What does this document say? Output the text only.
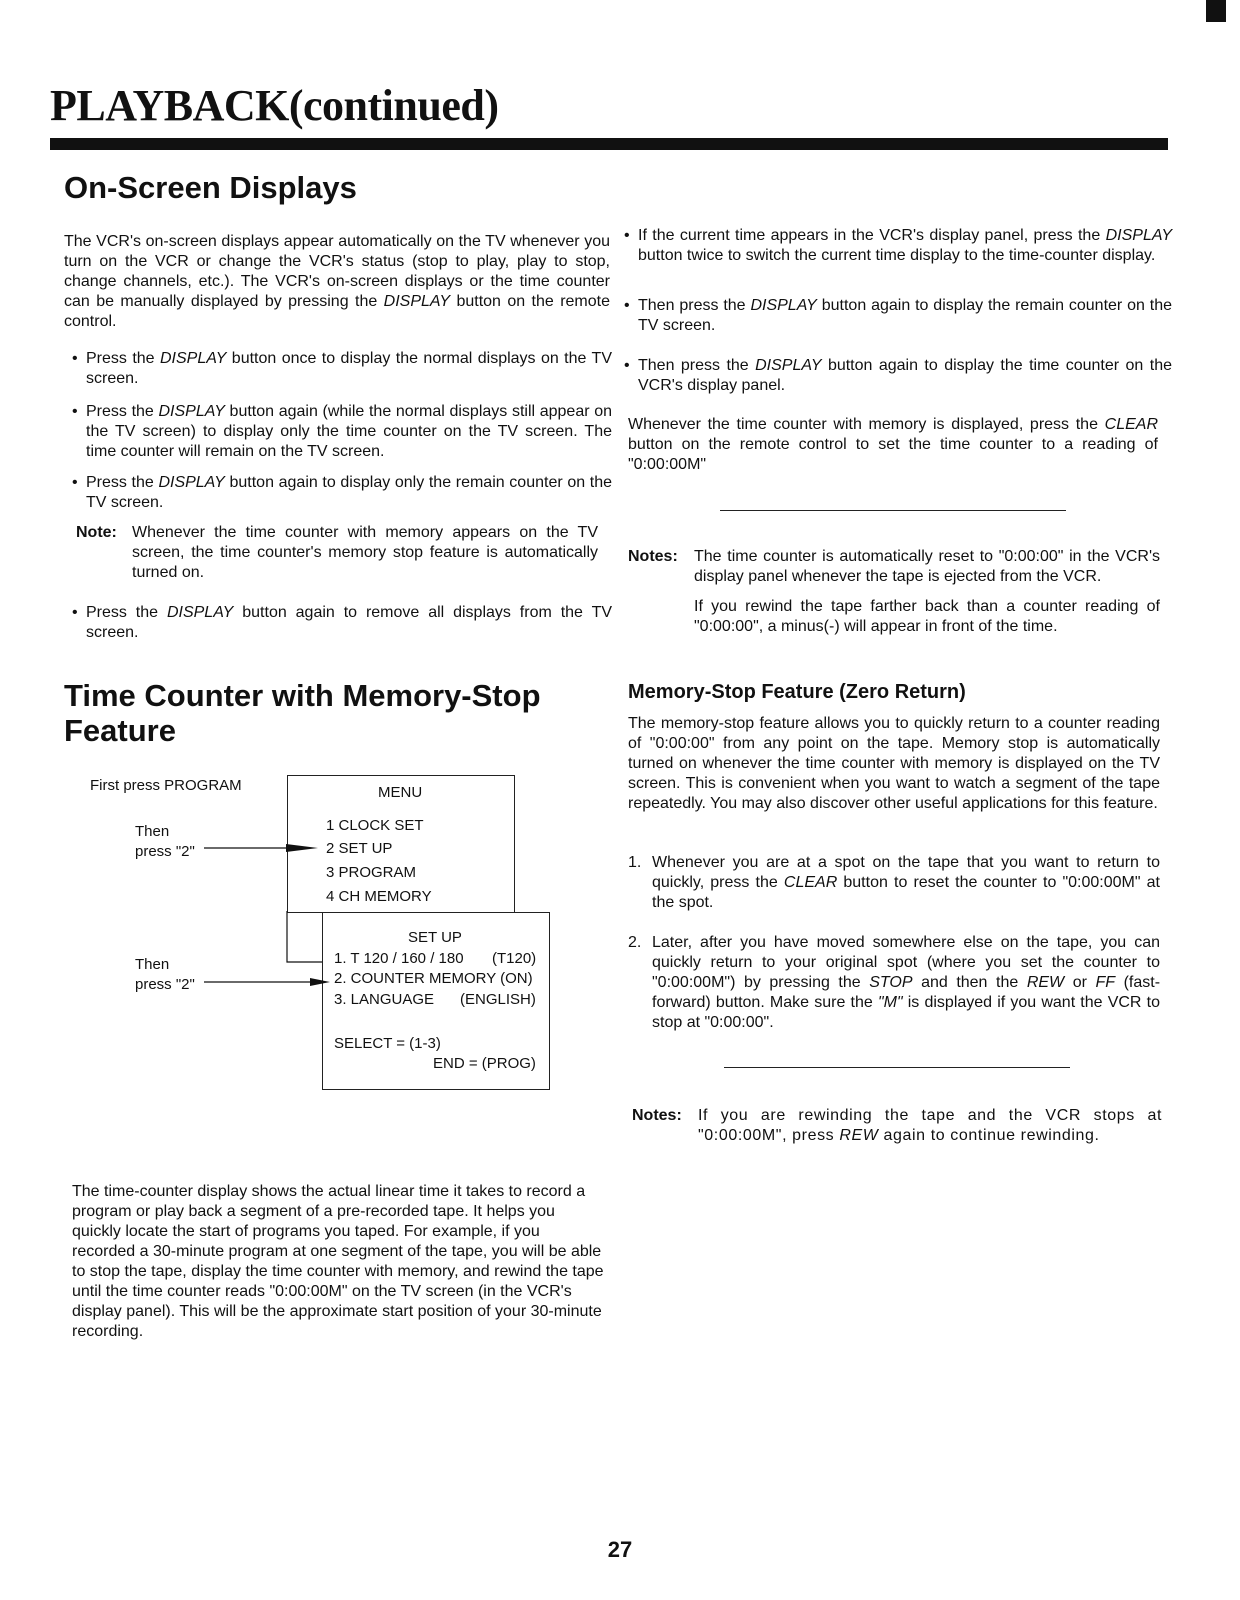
PLAYBACK(continued)
On-Screen Displays

The VCR's on-screen displays appear automatically on the TV whenever you turn on the VCR or change the VCR's status (stop to play, play to stop, change channels, etc.). The VCR's on-screen displays or the time counter can be manually displayed by pressing the DISPLAY button on the remote control.

• Press the DISPLAY button once to display the normal displays on the TV screen.
• Press the DISPLAY button again (while the normal displays still appear on the TV screen) to display only the time counter on the TV screen. The time counter will remain on the TV screen.
• Press the DISPLAY button again to display only the remain counter on the TV screen.
Note: Whenever the time counter with memory appears on the TV screen, the time counter's memory stop feature is automatically turned on.
• Press the DISPLAY button again to remove all displays from the TV screen.
Time Counter with Memory-Stop
Feature
First press PROGRAM
Then
press "2"
Then
press "2"
MENU
1 CLOCK SET
2 SET UP
3 PROGRAM
4 CH MEMORY
SET UP
1. T 120 / 160 / 180 (T120)
2. COUNTER MEMORY (ON)
3. LANGUAGE (ENGLISH)
SELECT = (1-3)
END = (PROG)

The time-counter display shows the actual linear time it takes to record a program or play back a segment of a pre-recorded tape. It helps you quickly locate the start of programs you taped. For example, if you recorded a 30-minute program at one segment of the tape, you will be able to stop the tape, display the time counter with memory, and rewind the tape until the time counter reads "0:00:00M" on the TV screen (in the VCR's display panel). This will be the approximate start position of your 30-minute recording.

• If the current time appears in the VCR's display panel, press the DISPLAY button twice to switch the current time display to the time-counter display.
• Then press the DISPLAY button again to display the remain counter on the TV screen.
• Then press the DISPLAY button again to display the time counter on the VCR's display panel.

Whenever the time counter with memory is displayed, press the CLEAR button on the remote control to set the time counter to a reading of "0:00:00M"

Notes: The time counter is automatically reset to "0:00:00" in the VCR's display panel whenever the tape is ejected from the VCR.
If you rewind the tape farther back than a counter reading of "0:00:00", a minus(-) will appear in front of the time.
Memory-Stop Feature (Zero Return)

The memory-stop feature allows you to quickly return to a counter reading of "0:00:00" from any point on the tape. Memory stop is automatically turned on whenever the time counter with memory is displayed on the TV screen. This is convenient when you want to watch a segment of the tape repeatedly. You may also discover other useful applications for this feature.

1. Whenever you are at a spot on the tape that you want to return to quickly, press the CLEAR button to reset the counter to "0:00:00M" at the spot.
2. Later, after you have moved somewhere else on the tape, you can quickly return to your original spot (where you set the counter to "0:00:00M") by pressing the STOP and then the REW or FF (fast-forward) button. Make sure the "M" is displayed if you want the VCR to stop at "0:00:00".
Notes: If you are rewinding the tape and the VCR stops at "0:00:00M", press REW again to continue rewinding.
27
